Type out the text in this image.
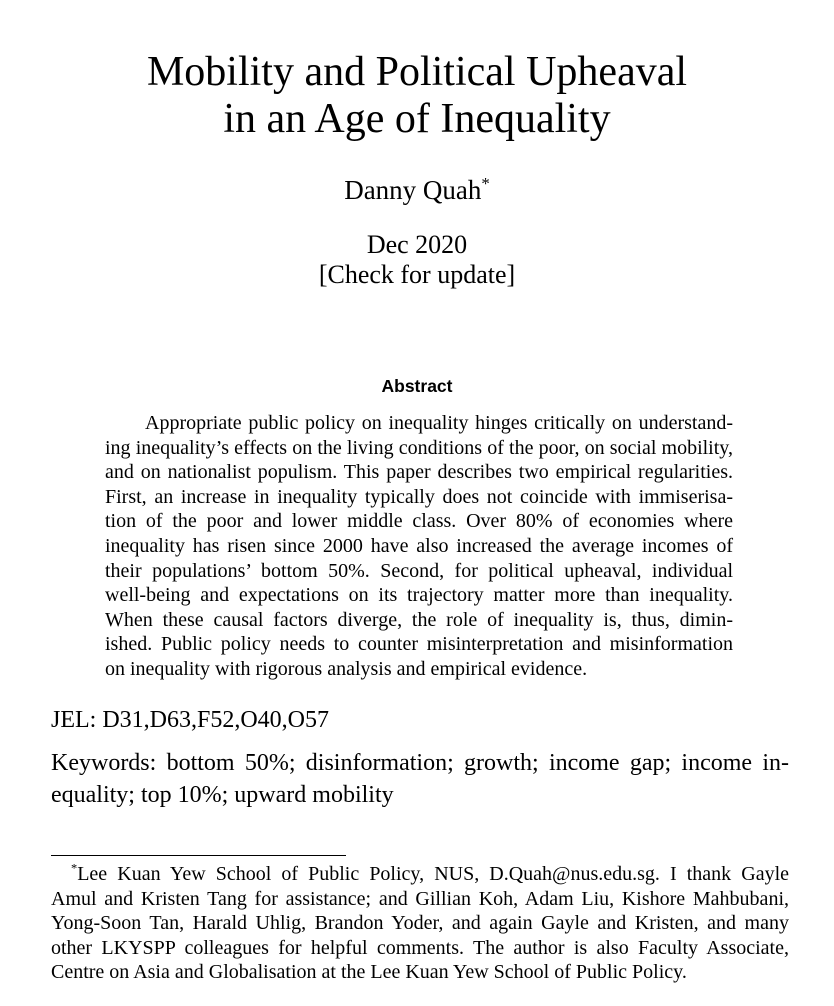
Mobility and Political Upheaval
in an Age of Inequality
Danny Quah*
Dec 2020
[Check for update]
Abstract
Appropriate public policy on inequality hinges critically on understand-
ing inequality’s effects on the living conditions of the poor, on social mobility,
and on nationalist populism. This paper describes two empirical regularities.
First, an increase in inequality typically does not coincide with immiserisa-
tion of the poor and lower middle class. Over 80% of economies where
inequality has risen since 2000 have also increased the average incomes of
their populations’ bottom 50%. Second, for political upheaval, individual
well-being and expectations on its trajectory matter more than inequality.
When these causal factors diverge, the role of inequality is, thus, dimin-
ished. Public policy needs to counter misinterpretation and misinformation
on inequality with rigorous analysis and empirical evidence.
JEL: D31,D63,F52,O40,O57
Keywords: bottom 50%; disinformation; growth; income gap; income in-
equality; top 10%; upward mobility
*Lee Kuan Yew School of Public Policy, NUS, D.Quah@nus.edu.sg. I thank Gayle
Amul and Kristen Tang for assistance; and Gillian Koh, Adam Liu, Kishore Mahbubani,
Yong-Soon Tan, Harald Uhlig, Brandon Yoder, and again Gayle and Kristen, and many
other LKYSPP colleagues for helpful comments. The author is also Faculty Associate,
Centre on Asia and Globalisation at the Lee Kuan Yew School of Public Policy.
